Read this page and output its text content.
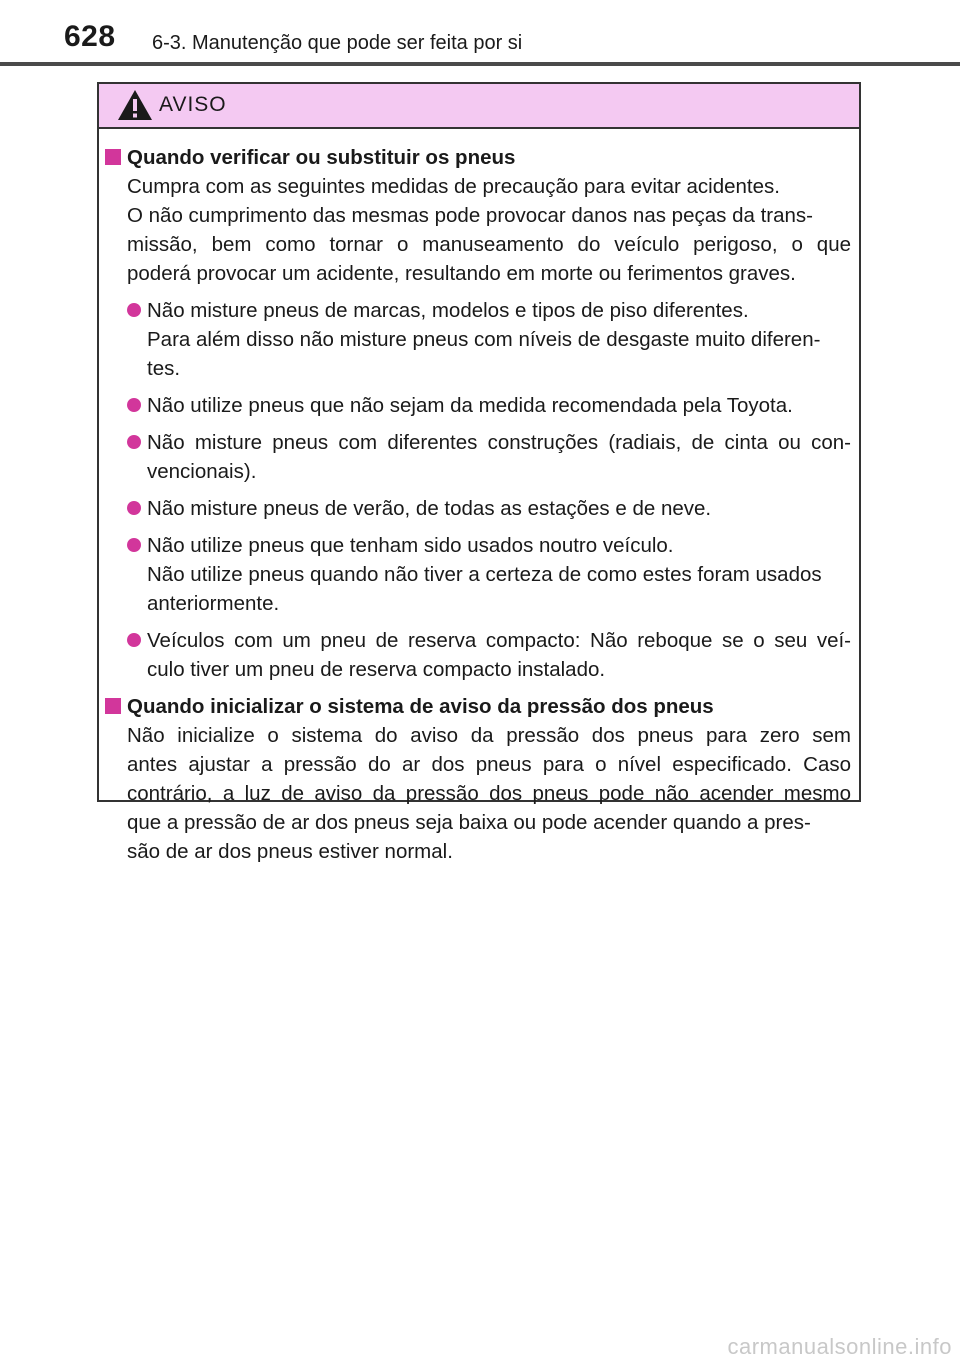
628 6-3. Manutenção que pode ser feita por si
AVISO
Quando verificar ou substituir os pneus
Cumpra com as seguintes medidas de precaução para evitar acidentes.
O não cumprimento das mesmas pode provocar danos nas peças da trans-
missão, bem como tornar o manuseamento do veículo perigoso, o que
poderá provocar um acidente, resultando em morte ou ferimentos graves.
Não misture pneus de marcas, modelos e tipos de piso diferentes.
Para além disso não misture pneus com níveis de desgaste muito diferen-
tes.
Não utilize pneus que não sejam da medida recomendada pela Toyota.
Não misture pneus com diferentes construções (radiais, de cinta ou con-
vencionais).
Não misture pneus de verão, de todas as estações e de neve.
Não utilize pneus que tenham sido usados noutro veículo.
Não utilize pneus quando não tiver a certeza de como estes foram usados
anteriormente.
Veículos com um pneu de reserva compacto: Não reboque se o seu veí-
culo tiver um pneu de reserva compacto instalado.
Quando inicializar o sistema de aviso da pressão dos pneus
Não inicialize o sistema do aviso da pressão dos pneus para zero sem
antes ajustar a pressão do ar dos pneus para o nível especificado. Caso
contrário, a luz de aviso da pressão dos pneus pode não acender mesmo
que a pressão de ar dos pneus seja baixa ou pode acender quando a pres-
são de ar dos pneus estiver normal.
carmanualsonline.info
